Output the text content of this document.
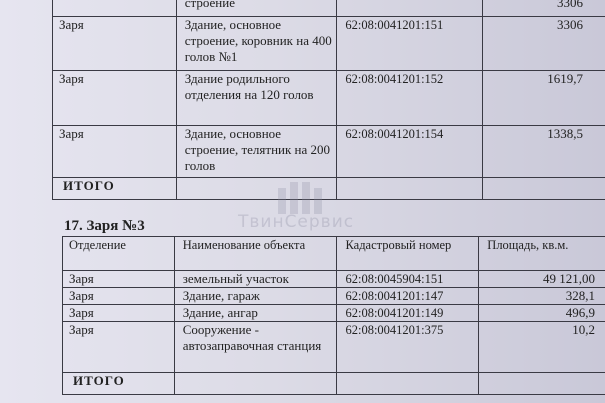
	строение		3306
Заря	Здание, основное строение, коровник на 400 голов №1	62:08:0041201:151	3306
Заря	Здание родильного отделения на 120 голов	62:08:0041201:152	1619,7
Заря	Здание, основное строение, телятник на 200 голов	62:08:0041201:154	1338,5
ИТОГО			
ТвинСервис
17. Заря №3
Отделение	Наименование объекта	Кадастровый номер	Площадь, кв.м.
Заря	земельный участок	62:08:0045904:151	49 121,00
Заря	Здание, гараж	62:08:0041201:147	328,1
Заря	Здание, ангар	62:08:0041201:149	496,9
Заря	Сооружение - автозаправочная станция	62:08:0041201:375	10,2
ИТОГО			
